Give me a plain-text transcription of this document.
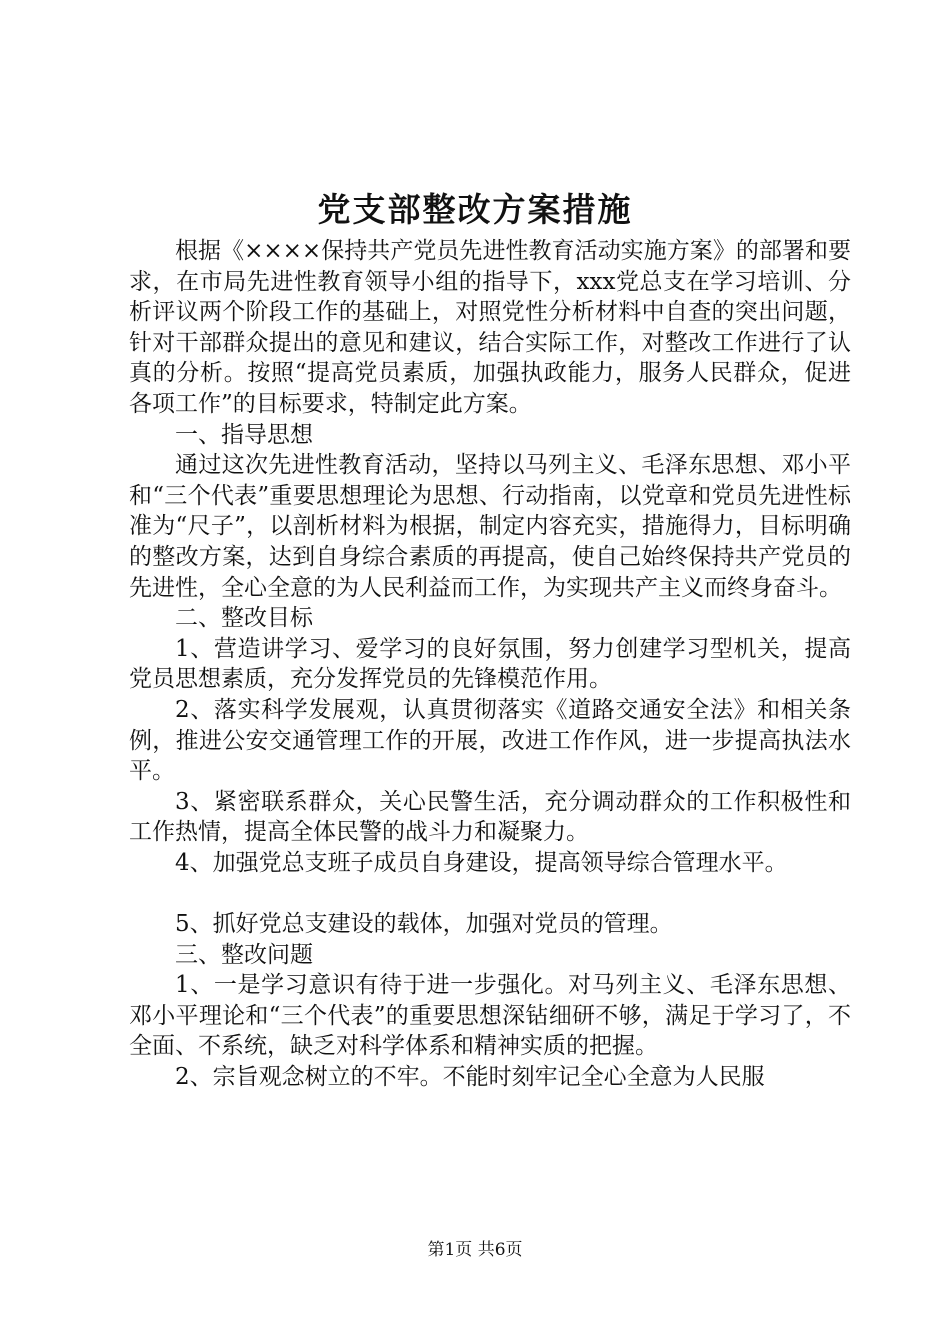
党支部整改方案措施

根据《××××保持共产党员先进性教育活动实施方案》的部署和要求，在市局先进性教育领导小组的指导下，xxx党总支在学习培训、分析评议两个阶段工作的基础上，对照党性分析材料中自查的突出问题，针对干部群众提出的意见和建议，结合实际工作，对整改工作进行了认真的分析。按照“提高党员素质，加强执政能力，服务人民群众，促进各项工作”的目标要求，特制定此方案。

一、指导思想

通过这次先进性教育活动，坚持以马列主义、毛泽东思想、邓小平和“三个代表”重要思想理论为思想、行动指南，以党章和党员先进性标准为“尺子”，以剖析材料为根据，制定内容充实，措施得力，目标明确的整改方案，达到自身综合素质的再提高，使自己始终保持共产党员的先进性，全心全意的为人民利益而工作，为实现共产主义而终身奋斗。

二、整改目标

1、营造讲学习、爱学习的良好氛围，努力创建学习型机关，提高党员思想素质，充分发挥党员的先锋模范作用。

2、落实科学发展观，认真贯彻落实《道路交通安全法》和相关条例，推进公安交通管理工作的开展，改进工作作风，进一步提高执法水平。

3、紧密联系群众，关心民警生活，充分调动群众的工作积极性和工作热情，提高全体民警的战斗力和凝聚力。

4、加强党总支班子成员自身建设，提高领导综合管理水平。

5、抓好党总支建设的载体，加强对党员的管理。

三、整改问题

1、一是学习意识有待于进一步强化。对马列主义、毛泽东思想、邓小平理论和“三个代表”的重要思想深钻细研不够，满足于学习了，不全面、不系统，缺乏对科学体系和精神实质的把握。

2、宗旨观念树立的不牢。不能时刻牢记全心全意为人民服

第1页 共6页
